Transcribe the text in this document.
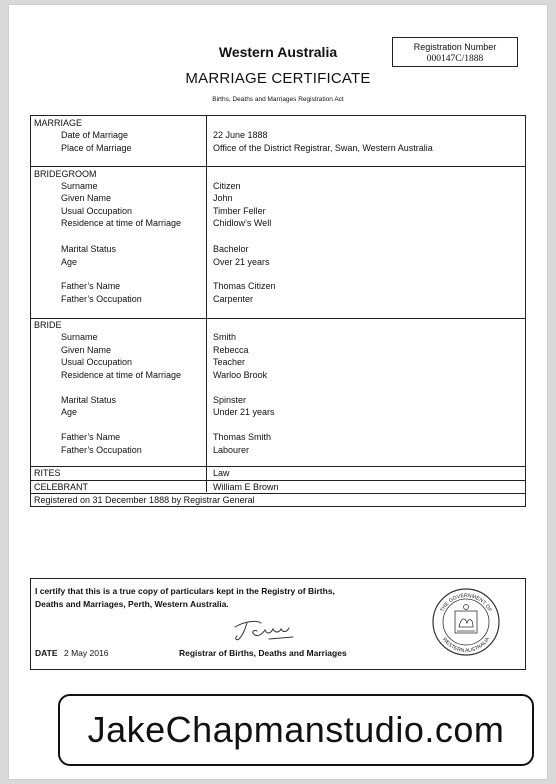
Registration Number
000147C/1888
Western Australia
MARRIAGE CERTIFICATE
Births, Deaths and Marriages Registration Act
MARRIAGE
Date of Marriage	22 June 1888
Place of Marriage	Office of the District Registrar, Swan, Western Australia
BRIDEGROOM
Surname	Citizen
Given Name	John
Usual Occupation	Timber Feller
Residence at time of Marriage	Chidlow’s Well
Marital Status	Bachelor
Age	Over 21 years
Father’s Name	Thomas Citizen
Father’s Occupation	Carpenter
BRIDE
Surname	Smith
Given Name	Rebecca
Usual Occupation	Teacher
Residence at time of Marriage	Warloo Brook
Marital Status	Spinster
Age	Under 21 years
Father’s Name	Thomas Smith
Father’s Occupation	Labourer
RITES	Law
CELEBRANT	William E Brown
Registered on 31 December 1888 by Registrar General
I certify that this is a true copy of particulars kept in the Registry of Births, Deaths and Marriages, Perth, Western Australia.
DATE 2 May 2016	Registrar of Births, Deaths and Marriages
THE GOVERNMENT OF
WESTERN AUSTRALIA
JakeChapmanstudio.com
